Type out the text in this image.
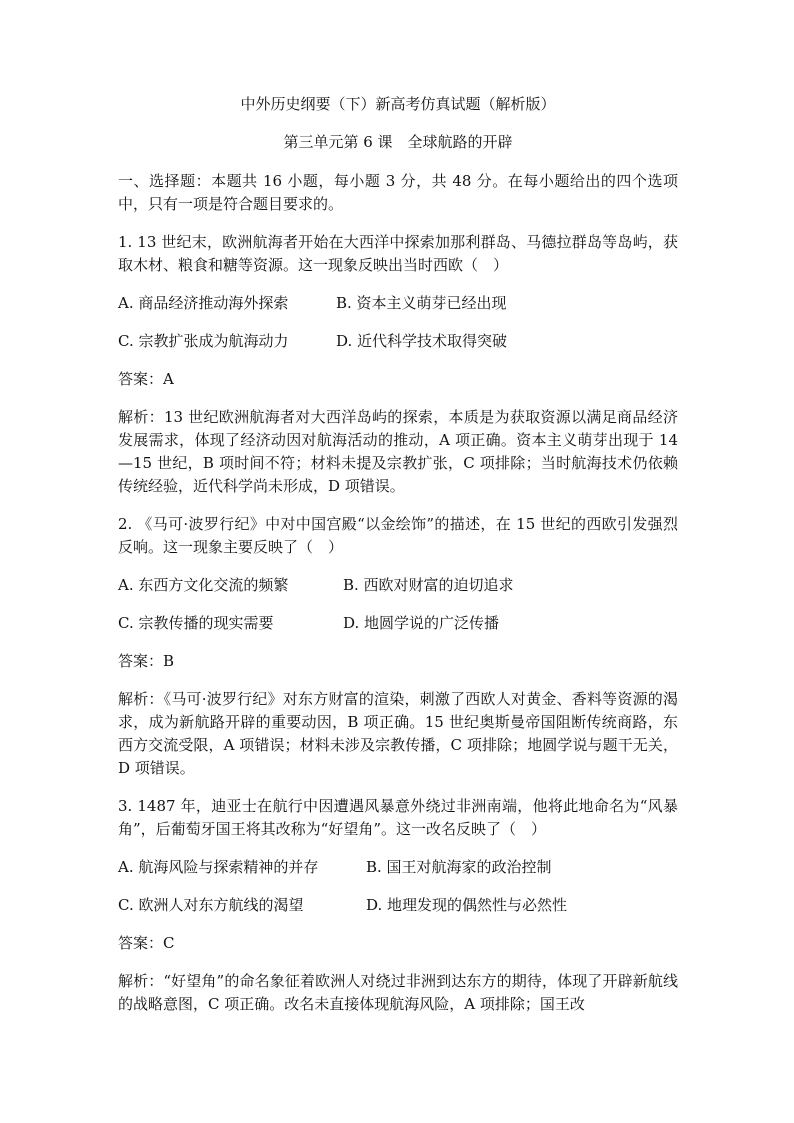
中外历史纲要（下）新高考仿真试题（解析版）
第三单元第 6 课　全球航路的开辟

一、选择题：本题共 16 小题，每小题 3 分，共 48 分。在每小题给出的四个选项中，只有一项是符合题目要求的。

1. 13 世纪末，欧洲航海者开始在大西洋中探索加那利群岛、马德拉群岛等岛屿，获取木材、粮食和糖等资源。这一现象反映出当时西欧（　）

A. 商品经济推动海外探索	B. 资本主义萌芽已经出现
C. 宗教扩张成为航海动力	D. 近代科学技术取得突破

答案：A

解析：13 世纪欧洲航海者对大西洋岛屿的探索，本质是为获取资源以满足商品经济发展需求，体现了经济动因对航海活动的推动，A 项正确。资本主义萌芽出现于 14—15 世纪，B 项时间不符；材料未提及宗教扩张，C 项排除；当时航海技术仍依赖传统经验，近代科学尚未形成，D 项错误。

2. 《马可·波罗行纪》中对中国宫殿“以金绘饰”的描述，在 15 世纪的西欧引发强烈反响。这一现象主要反映了（　）

A. 东西方文化交流的频繁	B. 西欧对财富的迫切追求
C. 宗教传播的现实需要	D. 地圆学说的广泛传播

答案：B

解析：《马可·波罗行纪》对东方财富的渲染，刺激了西欧人对黄金、香料等资源的渴求，成为新航路开辟的重要动因，B 项正确。15 世纪奥斯曼帝国阻断传统商路，东西方交流受限，A 项错误；材料未涉及宗教传播，C 项排除；地圆学说与题干无关，D 项错误。

3. 1487 年，迪亚士在航行中因遭遇风暴意外绕过非洲南端，他将此地命名为“风暴角”，后葡萄牙国王将其改称为“好望角”。这一改名反映了（　）

A. 航海风险与探索精神的并存	B. 国王对航海家的政治控制
C. 欧洲人对东方航线的渴望	D. 地理发现的偶然性与必然性

答案：C

解析：“好望角”的命名象征着欧洲人对绕过非洲到达东方的期待，体现了开辟新航线的战略意图，C 项正确。改名未直接体现航海风险，A 项排除；国王改
